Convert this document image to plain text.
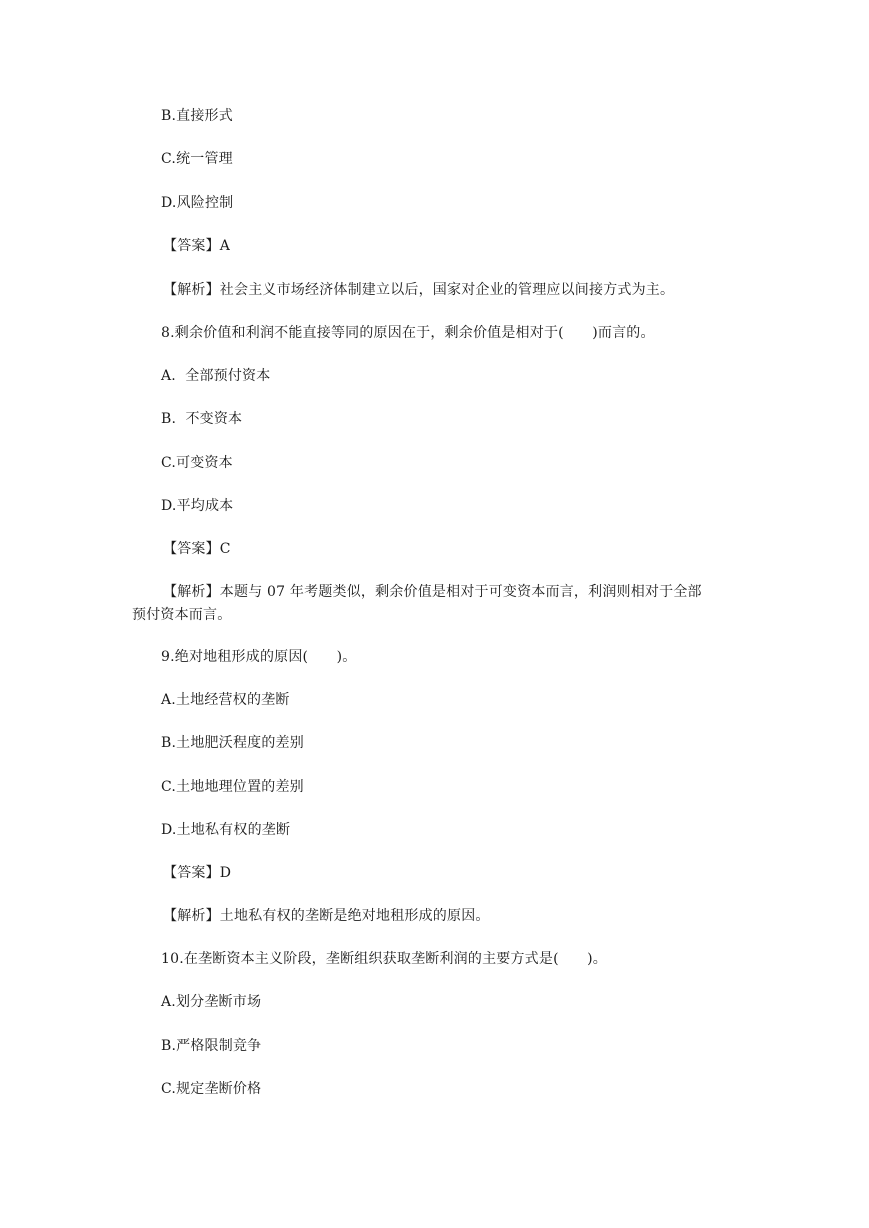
B.直接形式
C.统一管理
D.风险控制
【答案】A
【解析】社会主义市场经济体制建立以后，国家对企业的管理应以间接方式为主。
8.剩余价值和利润不能直接等同的原因在于，剩余价值是相对于(　　)而言的。
A.  全部预付资本
B.  不变资本
C.可变资本
D.平均成本
【答案】C
【解析】本题与 07 年考题类似，剩余价值是相对于可变资本而言，利润则相对于全部
预付资本而言。
9.绝对地租形成的原因(　　)。
A.土地经营权的垄断
B.土地肥沃程度的差别
C.土地地理位置的差别
D.土地私有权的垄断
【答案】D
【解析】土地私有权的垄断是绝对地租形成的原因。
10.在垄断资本主义阶段，垄断组织获取垄断利润的主要方式是(　　)。
A.划分垄断市场
B.严格限制竞争
C.规定垄断价格
